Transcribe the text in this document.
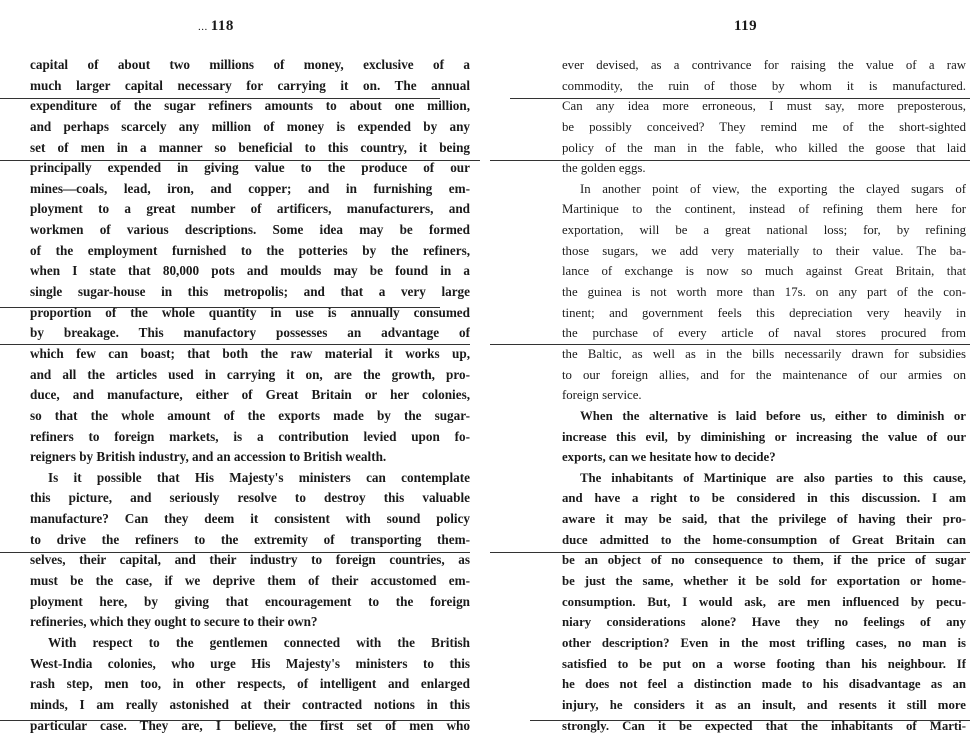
... 118
capital of about two millions of money, exclusive of a
much larger capital necessary for carrying it on. The annual
expenditure of the sugar refiners amounts to about one million,
and perhaps scarcely any million of money is expended by any
set of men in a manner so beneficial to this country, it being
principally expended in giving value to the produce of our
mines—coals, lead, iron, and copper; and in furnishing em-
ployment to a great number of artificers, manufacturers, and
workmen of various descriptions. Some idea may be formed
of the employment furnished to the potteries by the refiners,
when I state that 80,000 pots and moulds may be found in a
single sugar-house in this metropolis; and that a very large
proportion of the whole quantity in use is annually consumed
by breakage. This manufactory possesses an advantage of
which few can boast; that both the raw material it works up,
and all the articles used in carrying it on, are the growth, pro-
duce, and manufacture, either of Great Britain or her colonies,
so that the whole amount of the exports made by the sugar-
refiners to foreign markets, is a contribution levied upon fo-
reigners by British industry, and an accession to British wealth.
Is it possible that His Majesty's ministers can contemplate
this picture, and seriously resolve to destroy this valuable
manufacture? Can they deem it consistent with sound policy
to drive the refiners to the extremity of transporting them-
selves, their capital, and their industry to foreign countries, as
must be the case, if we deprive them of their accustomed em-
ployment here, by giving that encouragement to the foreign
refineries, which they ought to secure to their own?
With respect to the gentlemen connected with the British
West-India colonies, who urge His Majesty's ministers to this
rash step, men too, in other respects, of intelligent and enlarged
minds, I am really astonished at their contracted notions in this
particular case. They are, I believe, the first set of men who
119
ever devised, as a contrivance for raising the value of a raw
commodity, the ruin of those by whom it is manufactured.
Can any idea more erroneous, I must say, more preposterous,
be possibly conceived? They remind me of the short-sighted
policy of the man in the fable, who killed the goose that laid
the golden eggs.
In another point of view, the exporting the clayed sugars of
Martinique to the continent, instead of refining them here for
exportation, will be a great national loss; for, by refining
those sugars, we add very materially to their value. The ba-
lance of exchange is now so much against Great Britain, that
the guinea is not worth more than 17s. on any part of the con-
tinent; and government feels this depreciation very heavily in
the purchase of every article of naval stores procured from
the Baltic, as well as in the bills necessarily drawn for subsidies
to our foreign allies, and for the maintenance of our armies on
foreign service.
When the alternative is laid before us, either to diminish or
increase this evil, by diminishing or increasing the value of our
exports, can we hesitate how to decide?
The inhabitants of Martinique are also parties to this cause,
and have a right to be considered in this discussion. I am
aware it may be said, that the privilege of having their pro-
duce admitted to the home-consumption of Great Britain can
be an object of no consequence to them, if the price of sugar
be just the same, whether it be sold for exportation or home-
consumption. But, I would ask, are men influenced by pecu-
niary considerations alone? Have they no feelings of any
other description? Even in the most trifling cases, no man is
satisfied to be put on a worse footing than his neighbour. If
he does not feel a distinction made to his disadvantage as an
injury, he considers it as an insult, and resents it still more
strongly. Can it be expected that the inhabitants of Marti-
